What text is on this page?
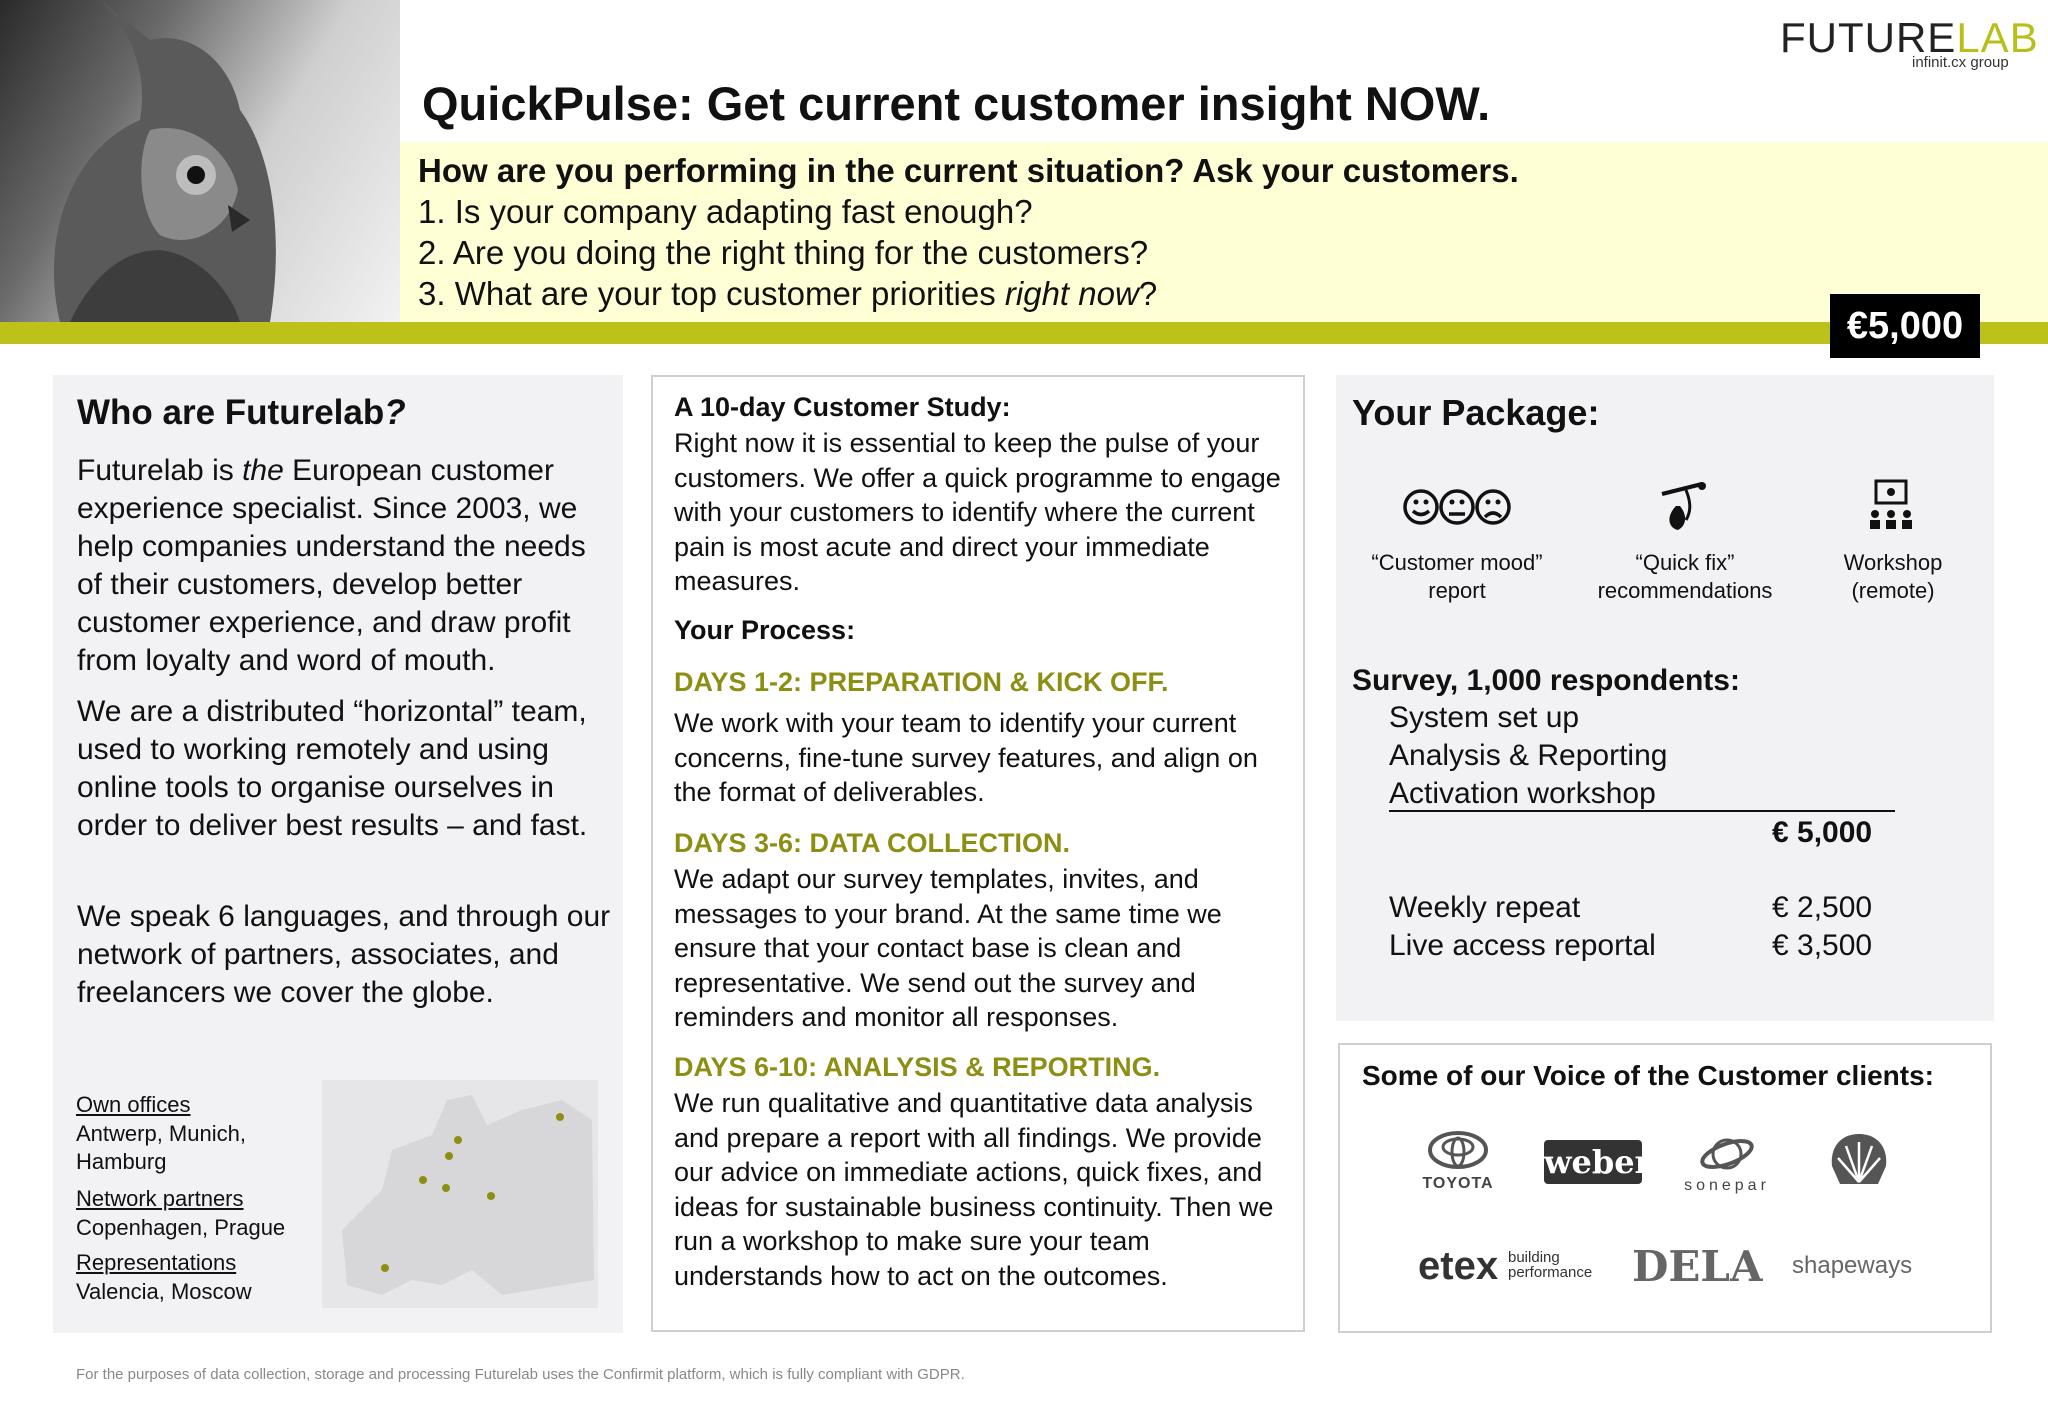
FUTURELAB
infinit.cx group
QuickPulse: Get current customer insight NOW.
How are you performing in the current situation? Ask your customers.
1. Is your company adapting fast enough?
2. Are you doing the right thing for the customers?
3. What are your top customer priorities right now?
€5,000
Who are Futurelab?

Futurelab is the European customer experience specialist. Since 2003, we help companies understand the needs of their customers, develop better customer experience, and draw profit from loyalty and word of mouth.

We are a distributed “horizontal” team, used to working remotely and using online tools to organise ourselves in order to deliver best results – and fast.

We speak 6 languages, and through our network of partners, associates, and freelancers we cover the globe.

Own offices
Antwerp, Munich, Hamburg
Network partners
Copenhagen, Prague
Representations
Valencia, Moscow
A 10-day Customer Study:

Right now it is essential to keep the pulse of your customers. We offer a quick programme to engage with your customers to identify where the current pain is most acute and direct your immediate measures.

Your Process:
DAYS 1-2: PREPARATION & KICK OFF.

We work with your team to identify your current concerns, fine-tune survey features, and align on the format of deliverables.

DAYS 3-6: DATA COLLECTION.

We adapt our survey templates, invites, and messages to your brand. At the same time we ensure that your contact base is clean and representative. We send out the survey and reminders and monitor all responses.

DAYS 6-10: ANALYSIS & REPORTING.

We run qualitative and quantitative data analysis and prepare a report with all findings. We provide our advice on immediate actions, quick fixes, and ideas for sustainable business continuity. Then we run a workshop to make sure your team understands how to act on the outcomes.

Your Package:
“Customer mood”
report
“Quick fix”
recommendations
Workshop
(remote)
Survey, 1,000 respondents:
System set up
Analysis & Reporting
Activation workshop
€ 5,000
Weekly repeat	€ 2,500
Live access reportal	€ 3,500
Some of our Voice of the Customer clients:
TOYOTA
weber
sonepar
etex building performance DELA shapeways
For the purposes of data collection, storage and processing Futurelab uses the Confirmit platform, which is fully compliant with GDPR.
